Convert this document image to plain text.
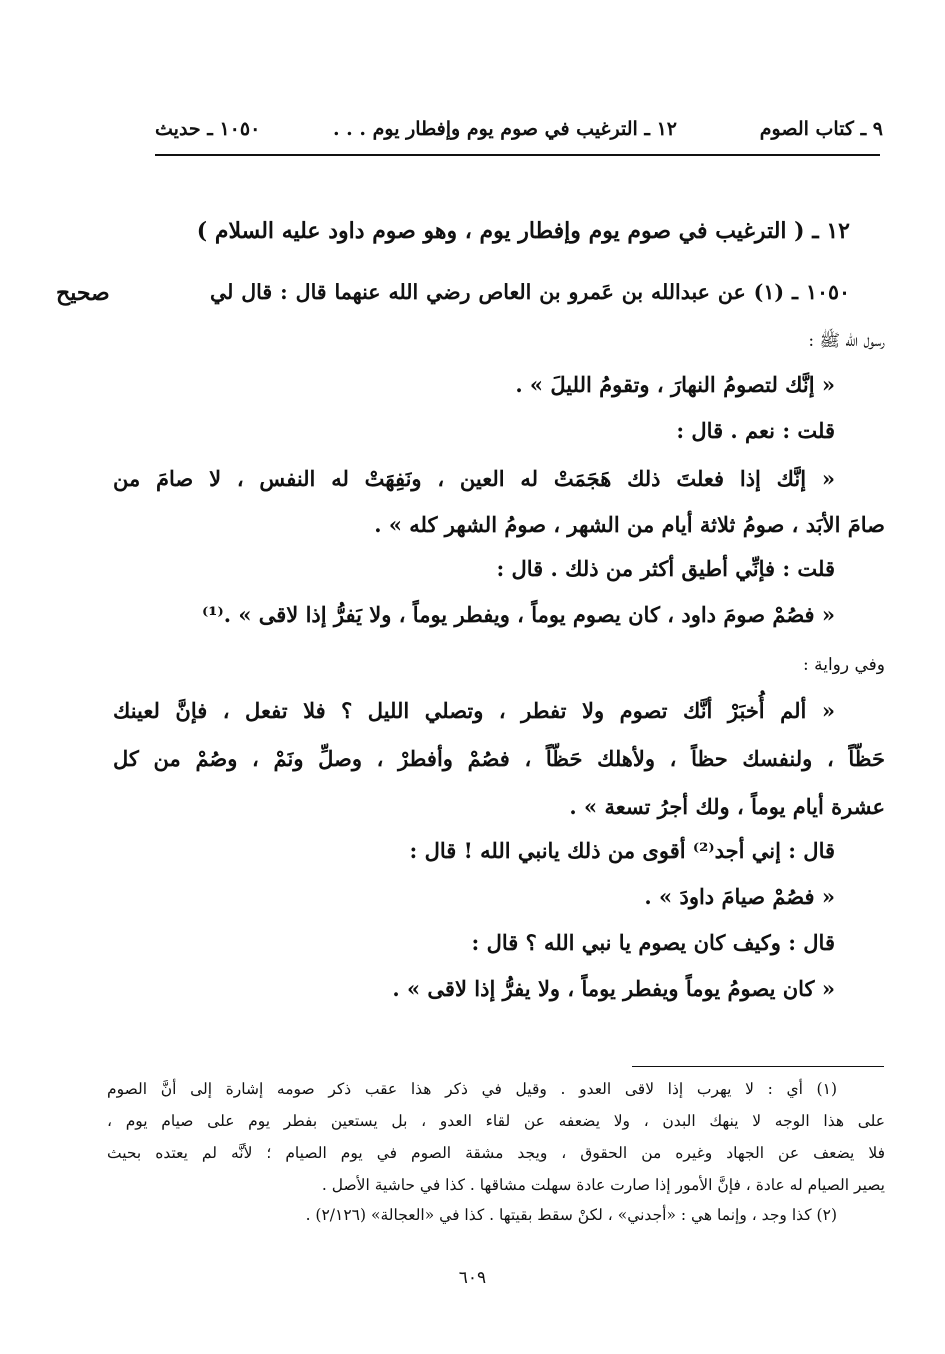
٩ ـ كتاب الصوم
١٢ ـ الترغيب في صوم يوم وإفطار يوم . . .
١٠٥٠ ـ حديث
١٢ ـ ( الترغيب في صوم يوم وإفطار يوم ، وهو صوم داود عليه السلام )
صحيح	١٠٥٠ ـ (١) عن عبدالله بن عَمرو بن العاص رضي الله عنهما قال : قال لي
رسول الله ﷺ :
« إنَّك لتصومُ النهارَ ، وتقومُ الليلَ » .
قلت : نعم . قال :
« إنَّك إذا فعلتَ ذلك هَجَمَتْ له العين ، ونَفِهَتْ له النفس ، لا صامَ من
صامَ الأبَد ، صومُ ثلاثة أيام من الشهر ، صومُ الشهر كله » .
قلت : فإنِّي أطيق أكثر من ذلك . قال :
« فصُمْ صومَ داود ، كان يصوم يوماً ، ويفطر يوماً ، ولا يَفرُّ إذا لاقى » .⁽¹⁾
وفي رواية :
« ألم أُخبَرْ أنَّك تصوم ولا تفطر ، وتصلي الليل ؟ فلا تفعل ، فإنَّ لعينك
حَظّاً ، ولنفسك حظاً ، ولأهلك حَظّاً ، فصُمْ وأفطرْ ، وصلِّ ونَمْ ، وصُمْ من كل
عشرة أيام يوماً ، ولك أجرُ تسعة » .
قال : إني أجد⁽²⁾ أقوى من ذلك يانبي الله ! قال :
« فصُمْ صيامَ داودَ » .
قال : وكيف كان يصوم يا نبي الله ؟ قال :
« كان يصومُ يوماً ويفطر يوماً ، ولا يفرُّ إذا لاقى » .
(١) أي : لا يهرب إذا لاقى العدو . وقيل في ذكر هذا عقب ذكر صومه إشارة إلى أنَّ الصوم
على هذا الوجه لا ينهك البدن ، ولا يضعفه عن لقاء العدو ، بل يستعين بفطر يوم على صيام يوم ،
فلا يضعف عن الجهاد وغيره من الحقوق ، ويجد مشقة الصوم في يوم الصيام ؛ لأنَّه لم يعتده بحيث
يصير الصيام له عادة ، فإنَّ الأمور إذا صارت عادة سهلت مشاقها . كذا في حاشية الأصل .
(٢) كذا وجد ، وإنما هي : «أجدني» ، لكنْ سقط بقيتها . كذا في «العجالة» (٢/١٢٦) .
٦٠٩
